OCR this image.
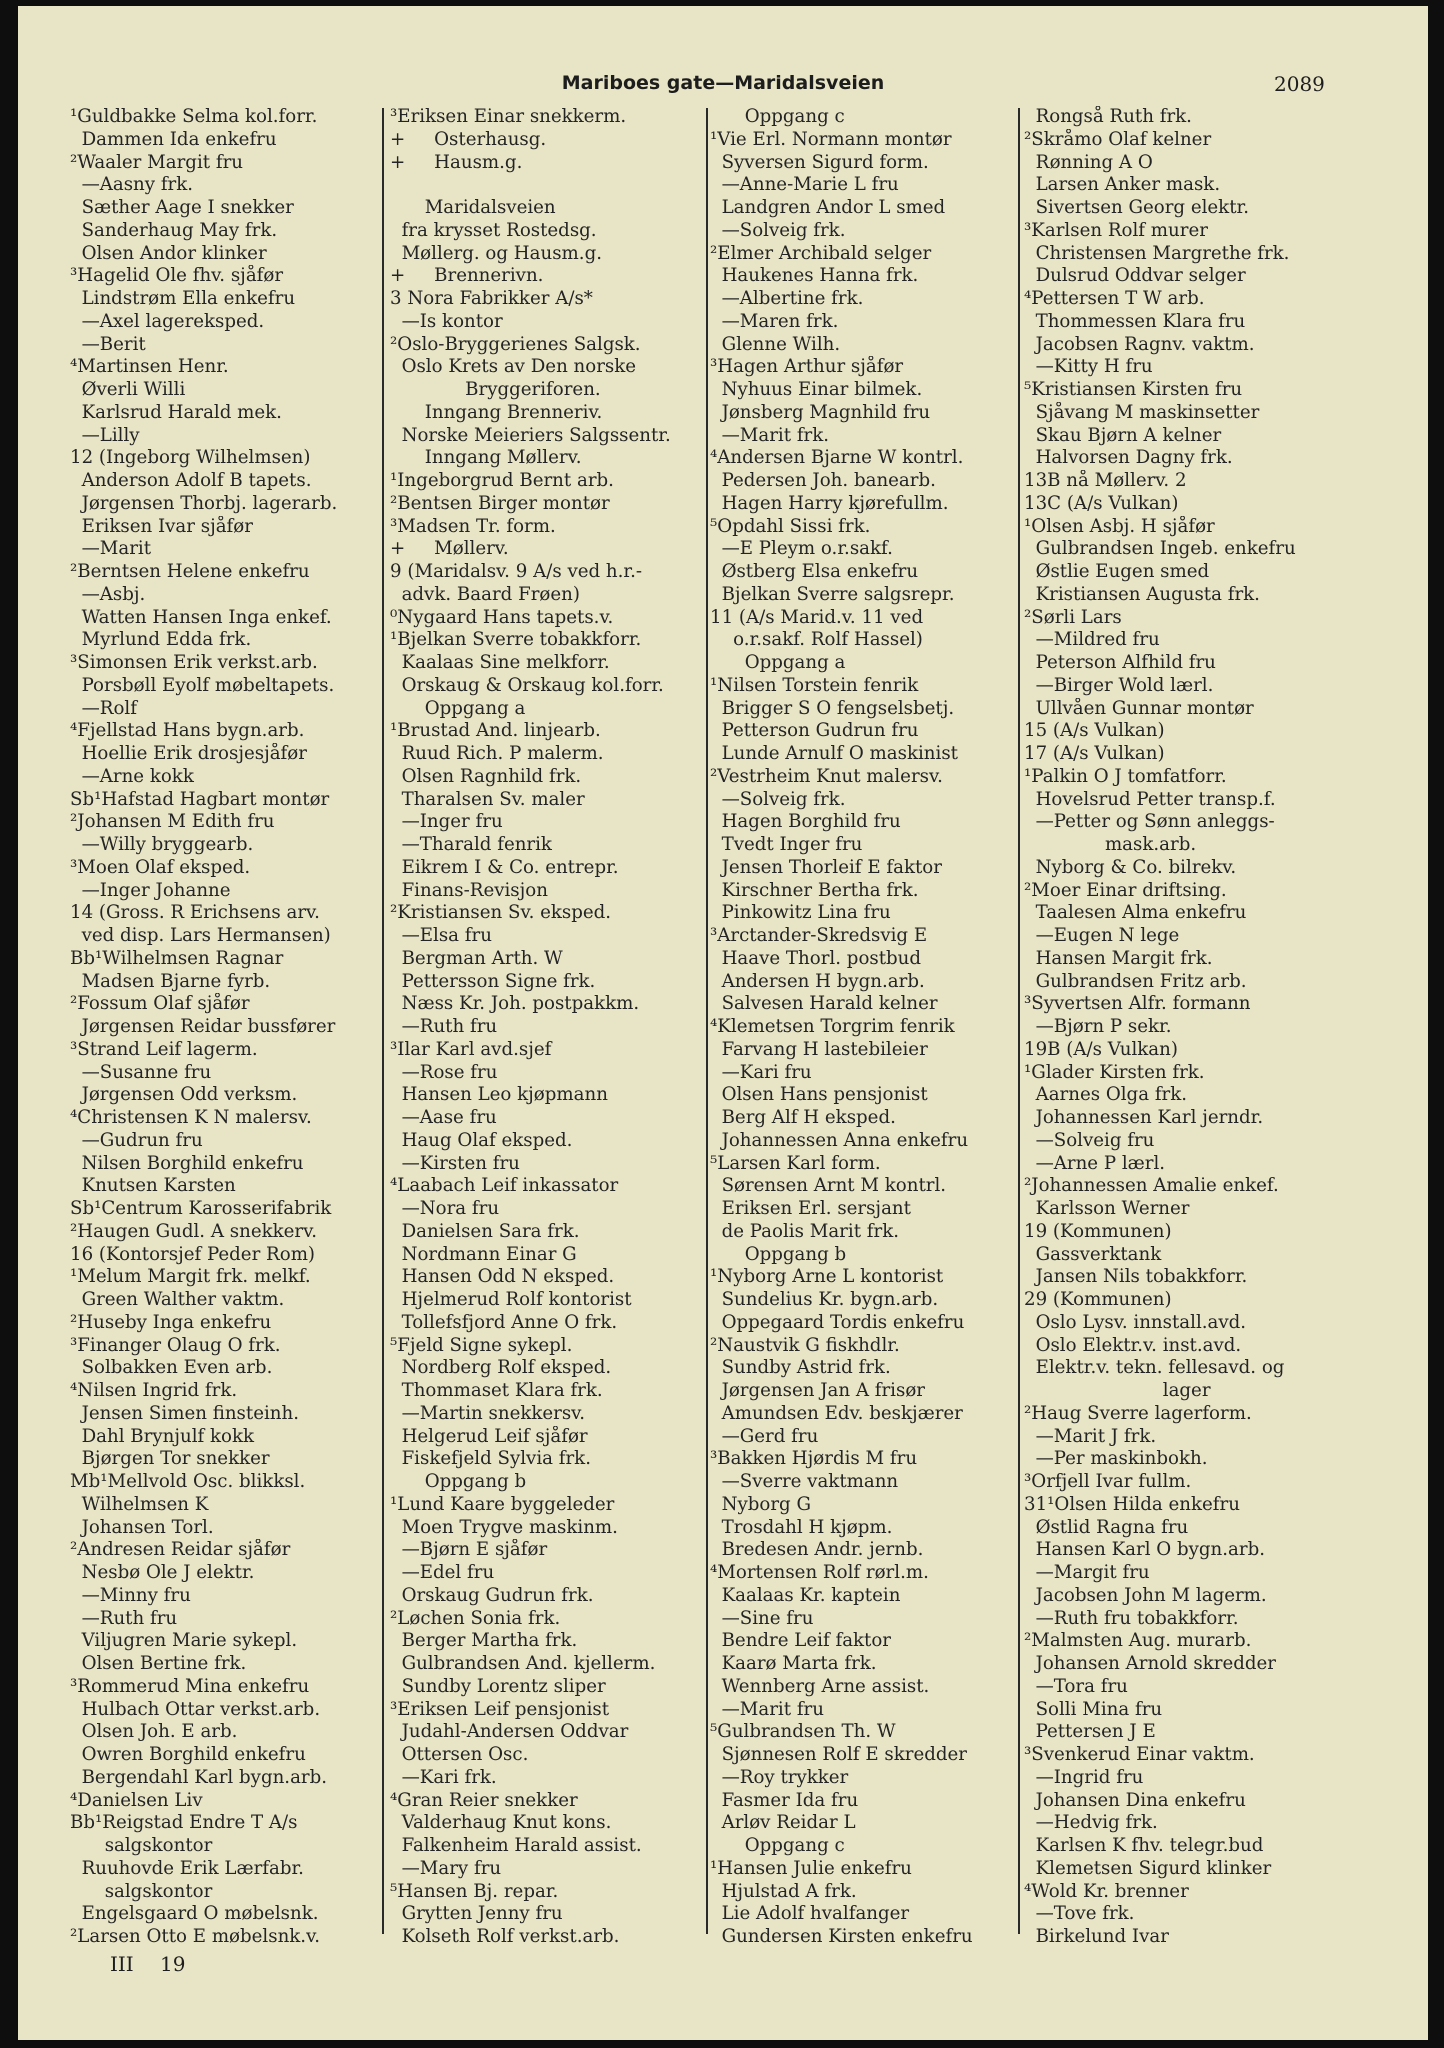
Mariboes gate—Maridalsveien	2089
¹Guldbakke Selma kol.forr.
Dammen Ida enkefru
²Waaler Margit fru
—Aasny frk.
Sæther Aage I snekker
Sanderhaug May frk.
Olsen Andor klinker
³Hagelid Ole fhv. sjåfør
Lindstrøm Ella enkefru
—Axel lagereksped.
—Berit
⁴Martinsen Henr.
Øverli Willi
Karlsrud Harald mek.
—Lilly
12 (Ingeborg Wilhelmsen)
Anderson Adolf B tapets.
Jørgensen Thorbj. lagerarb.
Eriksen Ivar sjåfør
—Marit
²Berntsen Helene enkefru
—Asbj.
Watten Hansen Inga enkef.
Myrlund Edda frk.
³Simonsen Erik verkst.arb.
Porsbøll Eyolf møbeltapets.
—Rolf
⁴Fjellstad Hans bygn.arb.
Hoellie Erik drosjesjåfør
—Arne kokk
Sb¹Hafstad Hagbart montør
²Johansen M Edith fru
—Willy bryggearb.
³Moen Olaf ekspеd.
—Inger Johanne
14 (Gross. R Erichsens arv.
ved disp. Lars Hermansen)
Bb¹Wilhelmsen Ragnar
Madsen Bjarne fyrb.
²Fossum Olaf sjåfør
Jørgensen Reidar bussfører
³Strand Leif lagerm.
—Susanne fru
Jørgensen Odd verksm.
⁴Christensen K N malersv.
—Gudrun fru
Nilsen Borghild enkefru
Knutsen Karsten
Sb¹Centrum Karosserifabrik
²Haugen Gudl. A snekkerv.
16 (Kontorsjef Peder Rom)
¹Melum Margit frk. melkf.
Green Walther vaktm.
²Huseby Inga enkefru
³Finanger Olaug O frk.
Solbakken Even arb.
⁴Nilsen Ingrid frk.
Jensen Simen finsteinh.
Dahl Brynjulf kokk
Bjørgen Tor snekker
Mb¹Mellvold Osc. blikksl.
Wilhelmsen K
Johansen Torl.
²Andresen Reidar sjåfør
Nesbø Ole J elektr.
—Minny fru
—Ruth fru
Viljugren Marie sykepl.
Olsen Bertine frk.
³Rommerud Mina enkefru
Hulbach Ottar verkst.arb.
Olsen Joh. E arb.
Owren Borghild enkefru
Bergendahl Karl bygn.arb.
⁴Danielsen Liv
Bb¹Reigstad Endre T A/s
salgskontor
Ruuhovde Erik Lærfabr.
salgskontor
Engelsgaard O møbelsnk.
²Larsen Otto E møbelsnk.v.
³Eriksen Einar snekkerm.
+     Osterhausg.
+     Hausm.g.
Maridalsveien
fra krysset Rostedsg.
Møllerg. og Hausm.g.
+     Brennerivn.
3 Nora Fabrikker A/s*
—Is kontor
²Oslo-Bryggerienes Salgsk.
Oslo Krets av Den norske
Bryggeriforen.
Inngang Brenneriv.
Norske Meieriers Salgssentr.
Inngang Møllerv.
¹Ingeborgrud Bernt arb.
²Bentsen Birger montør
³Madsen Tr. form.
+     Møllerv.
9 (Maridalsv. 9 A/s ved h.r.-
advk. Baard Frøen)
⁰Nygaard Hans tapets.v.
¹Bjelkan Sverre tobakkforr.
Kaalaas Sine melkforr.
Orskaug & Orskaug kol.forr.
Oppgang a
¹Brustad And. linjearb.
Ruud Rich. P malerm.
Olsen Ragnhild frk.
Tharalsen Sv. maler
—Inger fru
—Tharald fenrik
Eikrem I & Co. entrepr.
Finans-Revisjon
²Kristiansen Sv. eksped.
—Elsa fru
Bergman Arth. W
Pettersson Signe frk.
Næss Kr. Joh. postpakkm.
—Ruth fru
³Ilar Karl avd.sjef
—Rose fru
Hansen Leo kjøpmann
—Aase fru
Haug Olaf eksped.
—Kirsten fru
⁴Laabach Leif inkassator
—Nora fru
Danielsen Sara frk.
Nordmann Einar G
Hansen Odd N eksped.
Hjelmerud Rolf kontorist
Tollefsfjord Anne O frk.
⁵Fjeld Signe sykepl.
Nordberg Rolf eksped.
Thommaset Klara frk.
—Martin snekkersv.
Helgerud Leif sjåfør
Fiskefjeld Sylvia frk.
Oppgang b
¹Lund Kaare byggeleder
Moen Trygve maskinm.
—Bjørn E sjåfør
—Edel fru
Orskaug Gudrun frk.
²Løchen Sonia frk.
Berger Martha frk.
Gulbrandsen And. kjellerm.
Sundby Lorentz sliper
³Eriksen Leif pensjonist
Judahl-Andersen Oddvar
Ottersen Osc.
—Kari frk.
⁴Gran Reier snekker
Valderhaug Knut kons.
Falkenheim Harald assist.
—Mary fru
⁵Hansen Bj. repar.
Grytten Jenny fru
Kolseth Rolf verkst.arb.
Oppgang c
¹Vie Erl. Normann montør
Syversen Sigurd form.
—Anne-Marie L fru
Landgren Andor L smed
—Solveig frk.
²Elmer Archibald selger
Haukenes Hanna frk.
—Albertine frk.
—Maren frk.
Glenne Wilh.
³Hagen Arthur sjåfør
Nyhuus Einar bilmek.
Jønsberg Magnhild fru
—Marit frk.
⁴Andersen Bjarne W kontrl.
Pedersen Joh. banearb.
Hagen Harry kjørefullm.
⁵Opdahl Sissi frk.
—E Pleym o.r.sakf.
Østberg Elsa enkefru
Bjelkan Sverre salgsrepr.
11 (A/s Marid.v. 11 ved
o.r.sakf. Rolf Hassel)
Oppgang a
¹Nilsen Torstein fenrik
Brigger S O fengselsbetj.
Petterson Gudrun fru
Lunde Arnulf O maskinist
²Vestrheim Knut malersv.
—Solveig frk.
Hagen Borghild fru
Tvedt Inger fru
Jensen Thorleif E faktor
Kirschner Bertha frk.
Pinkowitz Lina fru
³Arctander-Skredsvig E
Haave Thorl. postbud
Andersen H bygn.arb.
Salvesen Harald kelner
⁴Klemetsen Torgrim fenrik
Farvang H lastebileier
—Kari fru
Olsen Hans pensjonist
Berg Alf H eksped.
Johannessen Anna enkefru
⁵Larsen Karl form.
Sørensen Arnt M kontrl.
Eriksen Erl. sersjant
de Paolis Marit frk.
Oppgang b
¹Nyborg Arne L kontorist
Sundelius Kr. bygn.arb.
Oppegaard Tordis enkefru
²Naustvik G fiskhdlr.
Sundby Astrid frk.
Jørgensen Jan A frisør
Amundsen Edv. beskjærer
—Gerd fru
³Bakken Hjørdis M fru
—Sverre vaktmann
Nyborg G
Trosdahl H kjøpm.
Bredesen Andr. jernb.
⁴Mortensen Rolf rørl.m.
Kaalaas Kr. kaptein
—Sine fru
Bendre Leif faktor
Kaarø Marta frk.
Wennberg Arne assist.
—Marit fru
⁵Gulbrandsen Th. W
Sjønnesen Rolf E skredder
—Roy trykker
Fasmer Ida fru
Arløv Reidar L
Oppgang c
¹Hansen Julie enkefru
Hjulstad A frk.
Lie Adolf hvalfanger
Gundersen Kirsten enkefru
Rongså Ruth frk.
²Skråmo Olaf kelner
Rønning A O
Larsen Anker mask.
Sivertsen Georg elektr.
³Karlsen Rolf murer
Christensen Margrethe frk.
Dulsrud Oddvar selger
⁴Pettersen T W arb.
Thommessen Klara fru
Jacobsen Ragnv. vaktm.
—Kitty H fru
⁵Kristiansen Kirsten fru
Sjåvang M maskinsetter
Skau Bjørn A kelner
Halvorsen Dagny frk.
13B nå Møllerv. 2
13C (A/s Vulkan)
¹Olsen Asbj. H sjåfør
Gulbrandsen Ingeb. enkefru
Østlie Eugen smed
Kristiansen Augusta frk.
²Sørli Lars
—Mildred fru
Peterson Alfhild fru
—Birger Wold lærl.
Ullvåen Gunnar montør
15 (A/s Vulkan)
17 (A/s Vulkan)
¹Palkin O J tomfatforr.
Hovelsrud Petter transp.f.
—Petter og Sønn anleggs-
mask.arb.
Nyborg & Co. bilrekv.
²Moer Einar driftsing.
Taalesen Alma enkefru
—Eugen N lege
Hansen Margit frk.
Gulbrandsen Fritz arb.
³Syvertsen Alfr. formann
—Bjørn P sekr.
19B (A/s Vulkan)
¹Glader Kirsten frk.
Aarnes Olga frk.
Johannessen Karl jerndr.
—Solveig fru
—Arne P lærl.
²Johannessen Amalie enkef.
Karlsson Werner
19 (Kommunen)
Gassverktank
Jansen Nils tobakkforr.
29 (Kommunen)
Oslo Lysv. innstall.avd.
Oslo Elektr.v. inst.avd.
Elektr.v. tekn. fellesavd. og
lager
²Haug Sverre lagerform.
—Marit J frk.
—Per maskinbokh.
³Orfjell Ivar fullm.
31¹Olsen Hilda enkefru
Østlid Ragna fru
Hansen Karl O bygn.arb.
—Margit fru
Jacobsen John M lagerm.
—Ruth fru tobakkforr.
²Malmsten Aug. murarb.
Johansen Arnold skredder
—Tora fru
Solli Mina fru
Pettersen J E
³Svenkerud Einar vaktm.
—Ingrid fru
Johansen Dina enkefru
—Hedvig frk.
Karlsen K fhv. telegr.bud
Klemetsen Sigurd klinker
⁴Wold Kr. brenner
—Tove frk.
Birkelund Ivar
III 19
